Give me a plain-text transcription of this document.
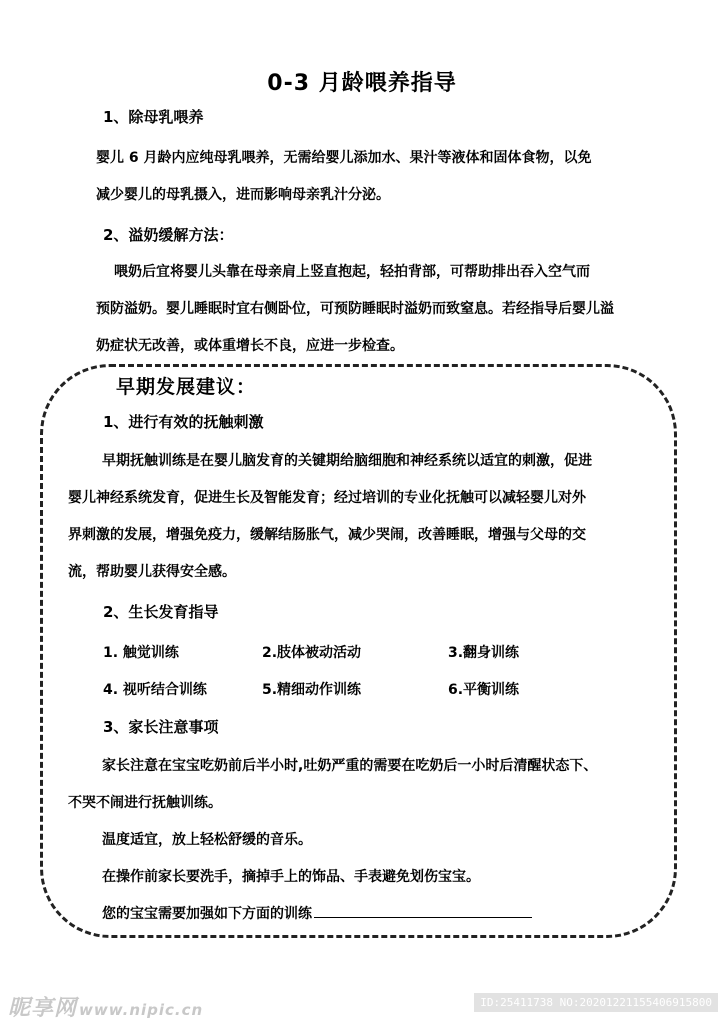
0-3 月龄喂养指导
1、除母乳喂养
婴儿 6 月龄内应纯母乳喂养，无需给婴儿添加水、果汁等液体和固体食物，以免
减少婴儿的母乳摄入，进而影响母亲乳汁分泌。
2、溢奶缓解方法：
喂奶后宜将婴儿头靠在母亲肩上竖直抱起，轻拍背部，可帮助排出吞入空气而
预防溢奶。婴儿睡眠时宜右侧卧位，可预防睡眠时溢奶而致窒息。若经指导后婴儿溢
奶症状无改善，或体重增长不良，应进一步检查。
早期发展建议：
1、进行有效的抚触刺激
早期抚触训练是在婴儿脑发育的关键期给脑细胞和神经系统以适宜的刺激，促进
婴儿神经系统发育，促进生长及智能发育；经过培训的专业化抚触可以减轻婴儿对外
界刺激的发展，增强免疫力，缓解结肠胀气，减少哭闹，改善睡眠，增强与父母的交
流，帮助婴儿获得安全感。
2、生长发育指导
1. 触觉训练	2.肢体被动活动	3.翻身训练
4. 视听结合训练	5.精细动作训练	6.平衡训练
3、家长注意事项
家长注意在宝宝吃奶前后半小时,吐奶严重的需要在吃奶后一小时后清醒状态下、
不哭不闹进行抚触训练。
温度适宜，放上轻松舒缓的音乐。
在操作前家长要洗手，摘掉手上的饰品、手表避免划伤宝宝。
您的宝宝需要加强如下方面的训练
昵享网 www.nipic.cn	ID:25411738 NO:20201221155406915800
